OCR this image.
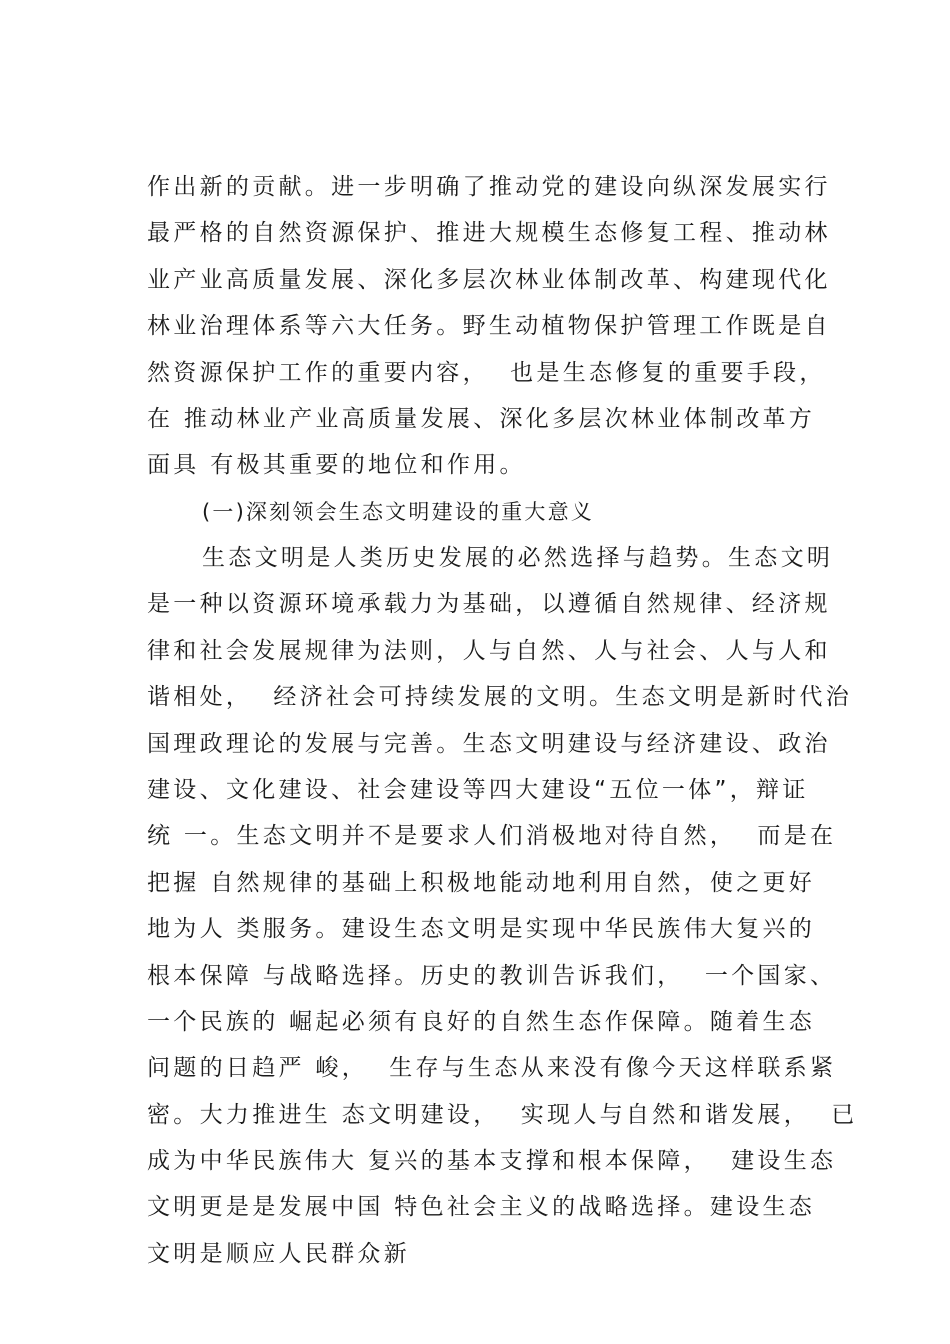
作出新的贡献。进一步明确了推动党的建设向纵深发展实行
最严格的自然资源保护、推进大规模生态修复工程、推动林
业产业高质量发展、深化多层次林业体制改革、构建现代化
林业治理体系等六大任务。野生动植物保护管理工作既是自
然资源保护工作的重要内容，  也是生态修复的重要手段，
在 推动林业产业高质量发展、深化多层次林业体制改革方
面具 有极其重要的地位和作用。
(一)深刻领会生态文明建设的重大意义
生态文明是人类历史发展的必然选择与趋势。生态文明
是一种以资源环境承载力为基础，以遵循自然规律、经济规
律和社会发展规律为法则，人与自然、人与社会、人与人和
谐相处，  经济社会可持续发展的文明。生态文明是新时代治
国理政理论的发展与完善。生态文明建设与经济建设、政治
建设、文化建设、社会建设等四大建设“五位一体”，辩证
统 一。生态文明并不是要求人们消极地对待自然，  而是在
把握 自然规律的基础上积极地能动地利用自然，使之更好
地为人 类服务。建设生态文明是实现中华民族伟大复兴的
根本保障 与战略选择。历史的教训告诉我们，  一个国家、
一个民族的 崛起必须有良好的自然生态作保障。随着生态
问题的日趋严 峻，  生存与生态从来没有像今天这样联系紧
密。大力推进生 态文明建设，  实现人与自然和谐发展，  已
成为中华民族伟大 复兴的基本支撑和根本保障，  建设生态
文明更是是发展中国 特色社会主义的战略选择。建设生态
文明是顺应人民群众新
